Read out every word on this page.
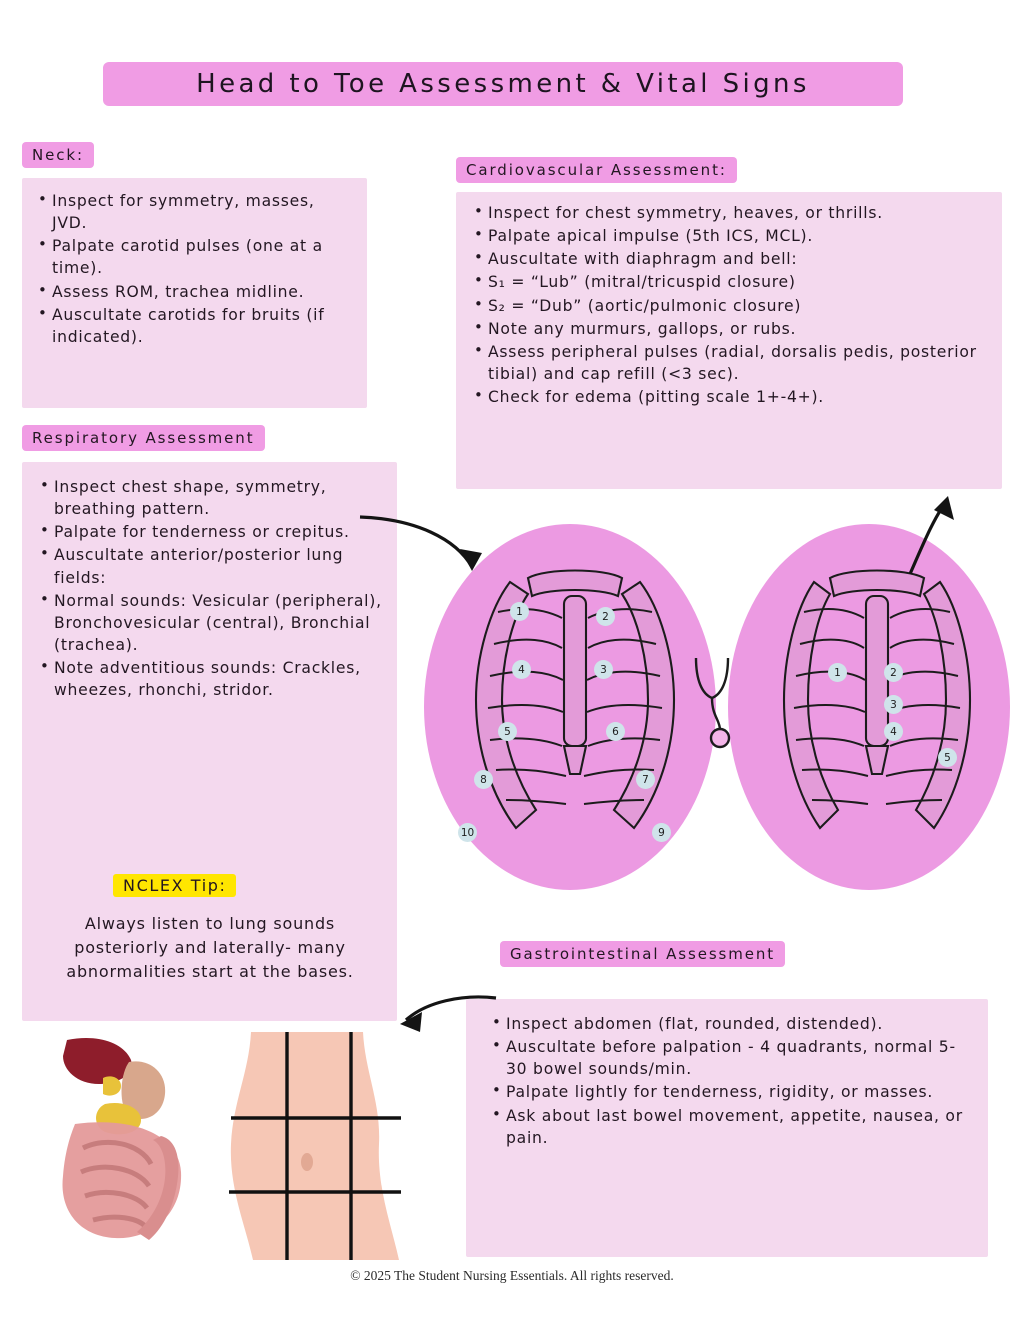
Head to Toe Assessment & Vital Signs
Neck:
• Inspect for symmetry, masses, JVD.
• Palpate carotid pulses (one at a time).
• Assess ROM, trachea midline.
• Auscultate carotids for bruits (if indicated).
Respiratory Assessment
• Inspect chest shape, symmetry, breathing pattern.
• Palpate for tenderness or crepitus.
• Auscultate anterior/posterior lung fields:
• Normal sounds: Vesicular (peripheral), Bronchovesicular (central), Bronchial (trachea).
• Note adventitious sounds: Crackles, wheezes, rhonchi, stridor.
NCLEX Tip:
Always listen to lung sounds posteriorly and laterally- many abnormalities start at the bases.
Cardiovascular Assessment:
• Inspect for chest symmetry, heaves, or thrills.
• Palpate apical impulse (5th ICS, MCL).
• Auscultate with diaphragm and bell:
• S₁ = “Lub” (mitral/tricuspid closure)
• S₂ = “Dub” (aortic/pulmonic closure)
• Note any murmurs, gallops, or rubs.
• Assess peripheral pulses (radial, dorsalis pedis, posterior tibial) and cap refill (<3 sec).
• Check for edema (pitting scale 1+-4+).
Gastrointestinal Assessment
• Inspect abdomen (flat, rounded, distended).
• Auscultate before palpation - 4 quadrants, normal 5-30 bowel sounds/min.
• Palpate lightly for tenderness, rigidity, or masses.
• Ask about last bowel movement, appetite, nausea, or pain.
1	2
4	3
5	6
8	7
10	9
1	2
3
4
5
© 2025 The Student Nursing Essentials. All rights reserved.
